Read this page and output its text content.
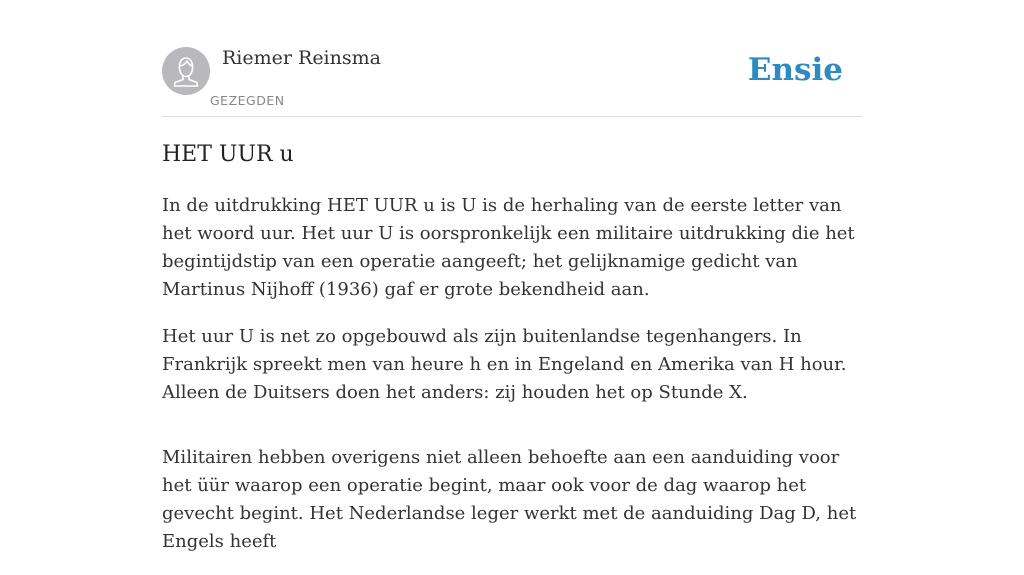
Riemer Reinsma
GEZEGDEN
Ensie
HET UUR u

In de uitdrukking HET UUR u is U is de herhaling van de eerste letter van het woord uur. Het uur U is oorspronkelijk een militaire uitdrukking die het begintijdstip van een operatie aangeeft; het gelijknamige gedicht van Martinus Nijhoff (1936) gaf er grote bekendheid aan.

Het uur U is net zo opgebouwd als zijn buitenlandse tegenhangers. In Frankrijk spreekt men van heure h en in Engeland en Amerika van H hour. Alleen de Duitsers doen het anders: zij houden het op Stunde X.

Militairen hebben overigens niet alleen behoefte aan een aanduiding voor het üür waarop een operatie begint, maar ook voor de dag waarop het gevecht begint. Het Nederlandse leger werkt met de aanduiding Dag D, het Engels heeft
